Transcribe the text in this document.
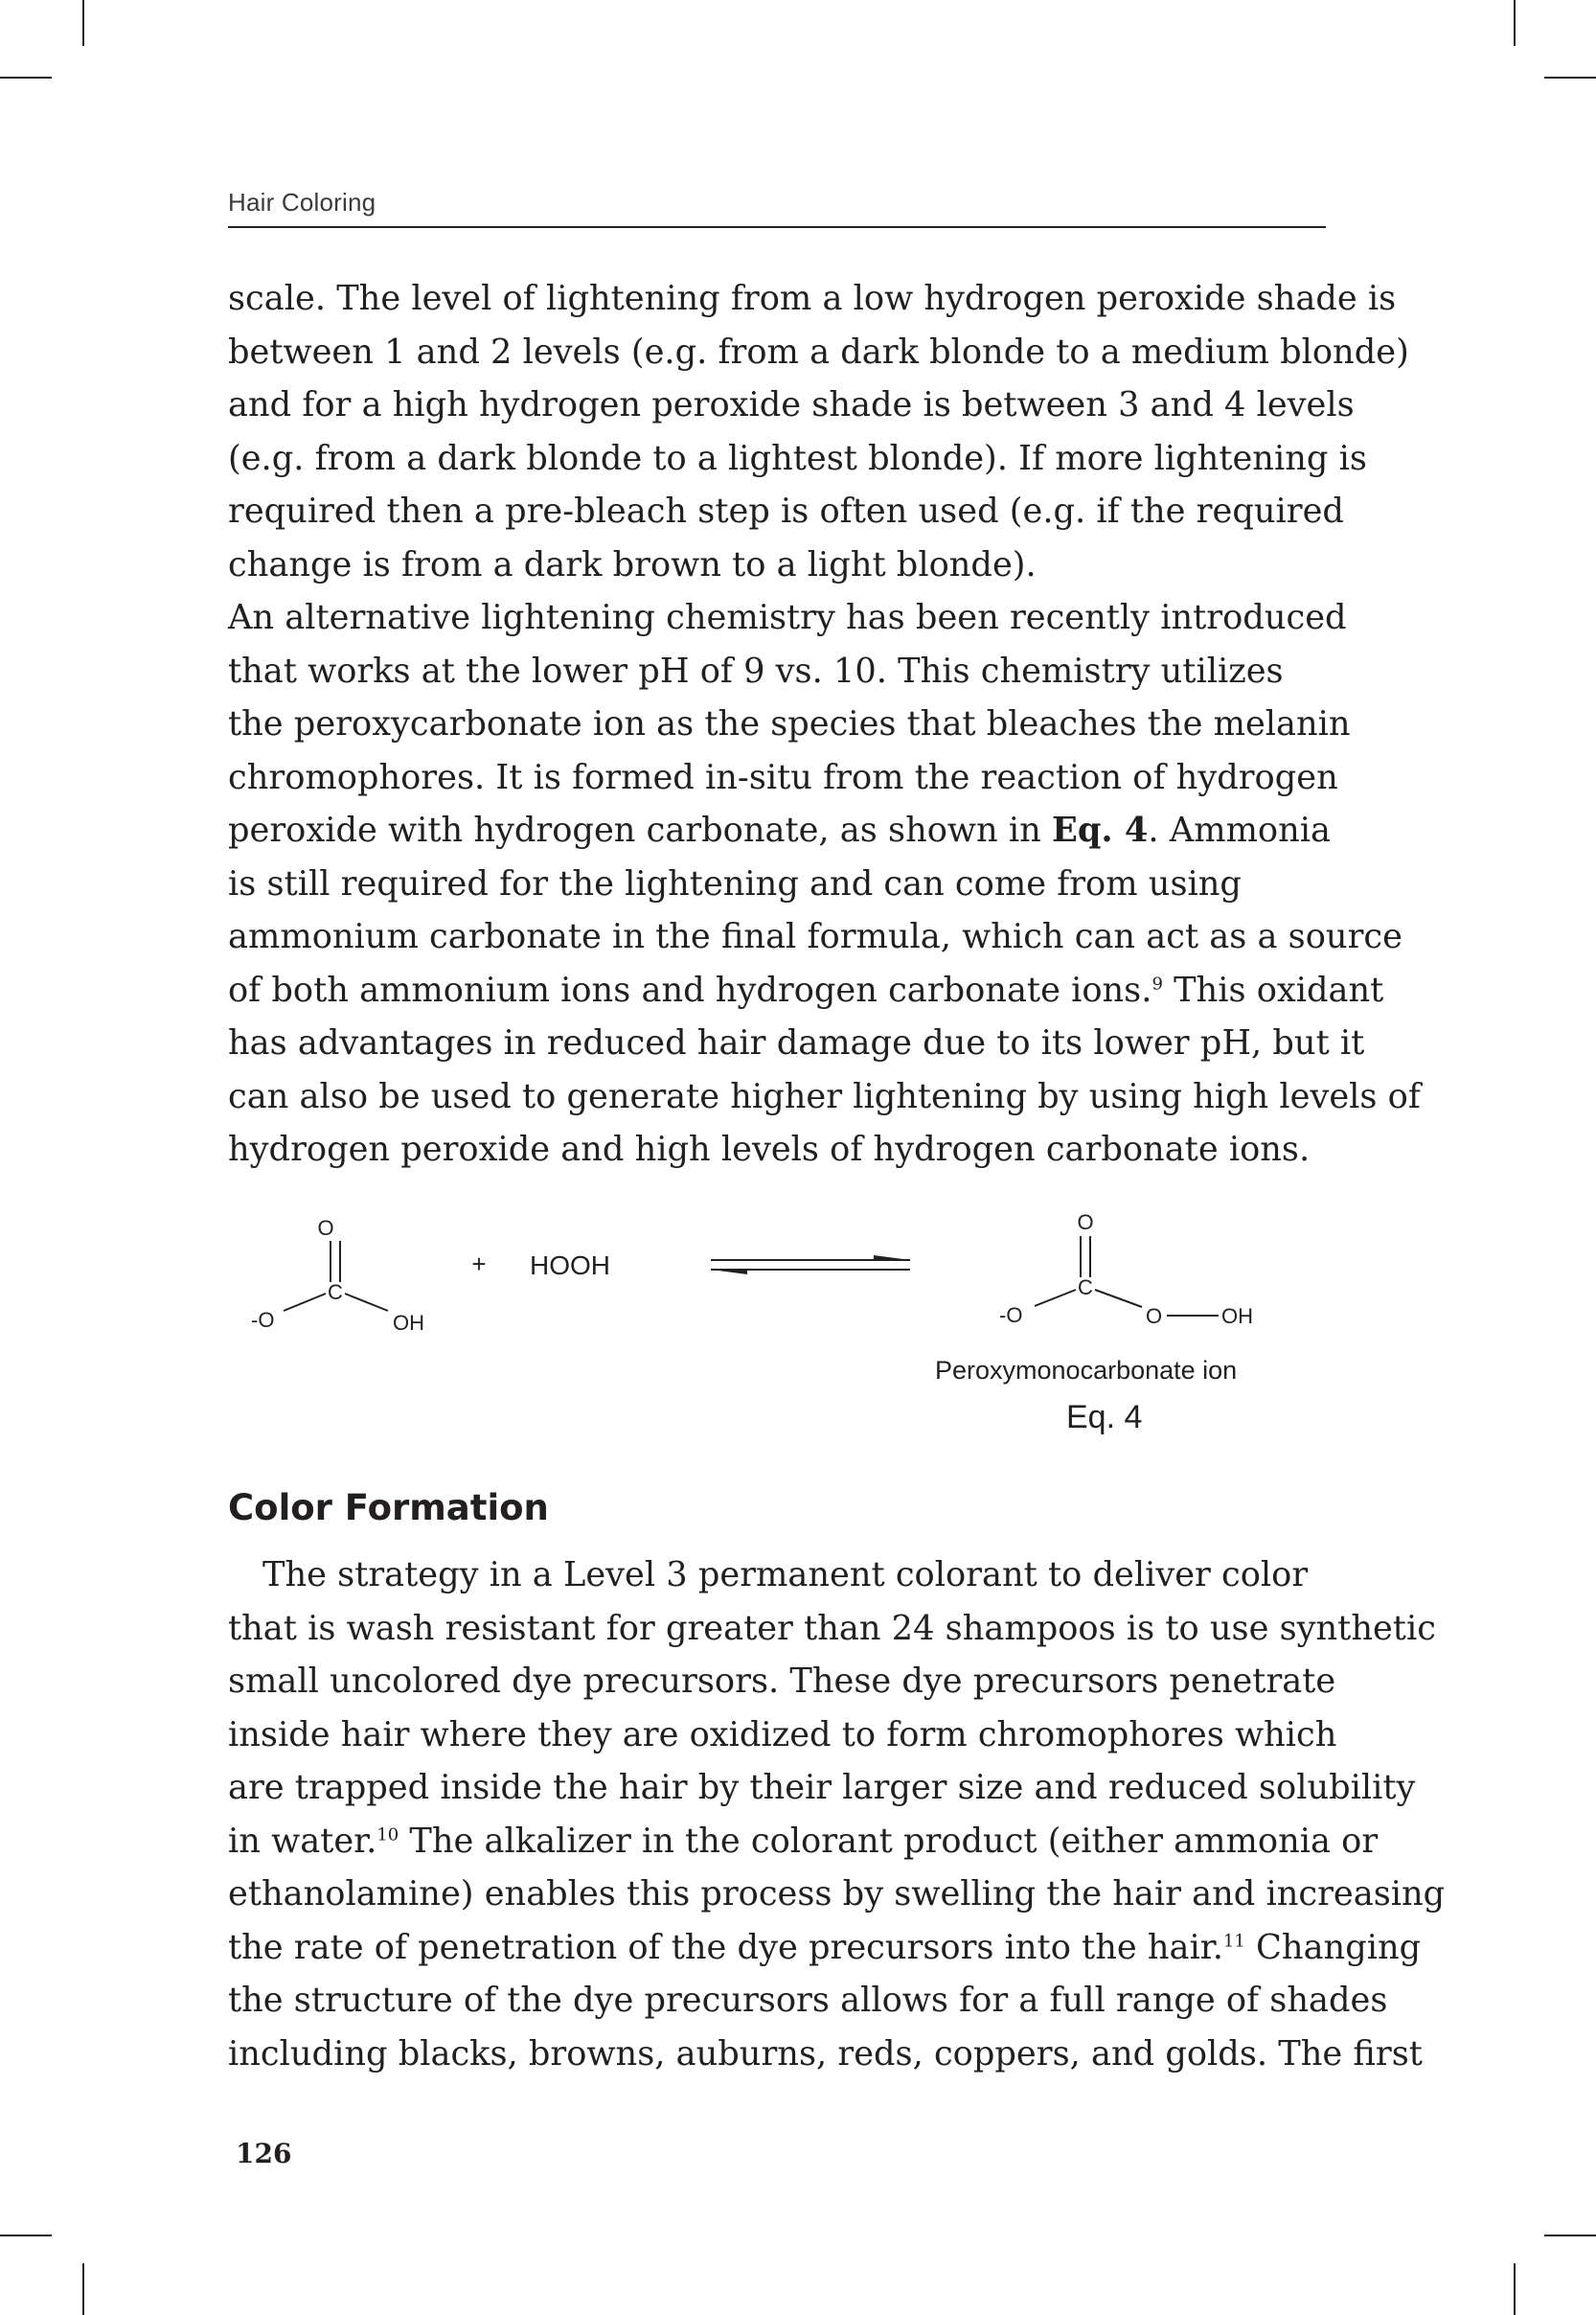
Hair Coloring
scale. The level of lightening from a low hydrogen peroxide shade is
between 1 and 2 levels (e.g. from a dark blonde to a medium blonde)
and for a high hydrogen peroxide shade is between 3 and 4 levels
(e.g. from a dark blonde to a lightest blonde). If more lightening is
required then a pre-bleach step is often used (e.g. if the required
change is from a dark brown to a light blonde).
An alternative lightening chemistry has been recently introduced
that works at the lower pH of 9 vs. 10. This chemistry utilizes
the peroxycarbonate ion as the species that bleaches the melanin
chromophores. It is formed in-situ from the reaction of hydrogen
peroxide with hydrogen carbonate, as shown in Eq. 4. Ammonia
is still required for the lightening and can come from using
ammonium carbonate in the final formula, which can act as a source
of both ammonium ions and hydrogen carbonate ions.$^9$ This oxidant
has advantages in reduced hair damage due to its lower pH, but it
can also be used to generate higher lightening by using high levels of
hydrogen peroxide and high levels of hydrogen carbonate ions.
O
C
-O	OH
+ HOOH
O
C
-O	O	OH
Peroxymonocarbonate ion
Eq. 4
Color Formation
The strategy in a Level 3 permanent colorant to deliver color
that is wash resistant for greater than 24 shampoos is to use synthetic
small uncolored dye precursors. These dye precursors penetrate
inside hair where they are oxidized to form chromophores which
are trapped inside the hair by their larger size and reduced solubility
in water.$^{10}$ The alkalizer in the colorant product (either ammonia or
ethanolamine) enables this process by swelling the hair and increasing
the rate of penetration of the dye precursors into the hair.$^{11}$ Changing
the structure of the dye precursors allows for a full range of shades
including blacks, browns, auburns, reds, coppers, and golds. The first
126
